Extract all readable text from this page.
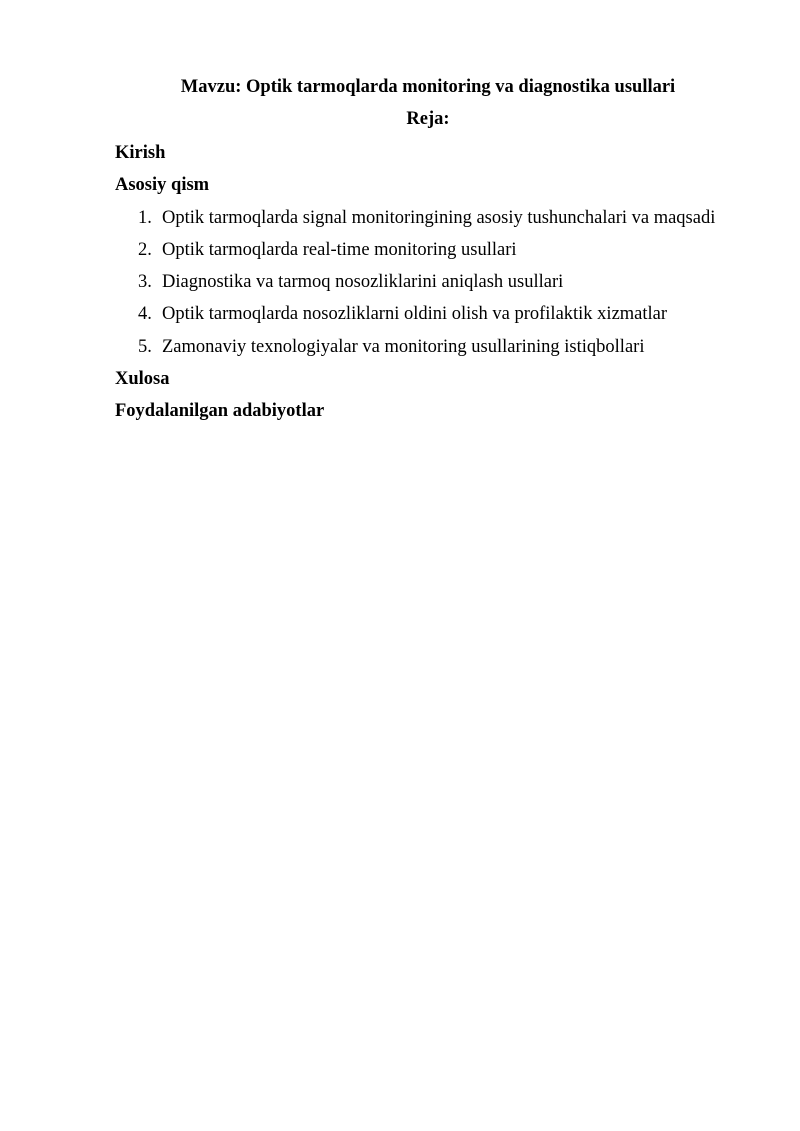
Mavzu: Optik tarmoqlarda monitoring va diagnostika usullari
Reja:
Kirish
Asosiy qism
1. Optik tarmoqlarda signal monitoringining asosiy tushunchalari va maqsadi
2. Optik tarmoqlarda real-time monitoring usullari
3. Diagnostika va tarmoq nosozliklarini aniqlash usullari
4. Optik tarmoqlarda nosozliklarni oldini olish va profilaktik xizmatlar
5. Zamonaviy texnologiyalar va monitoring usullarining istiqbollari
Xulosa
Foydalanilgan adabiyotlar
